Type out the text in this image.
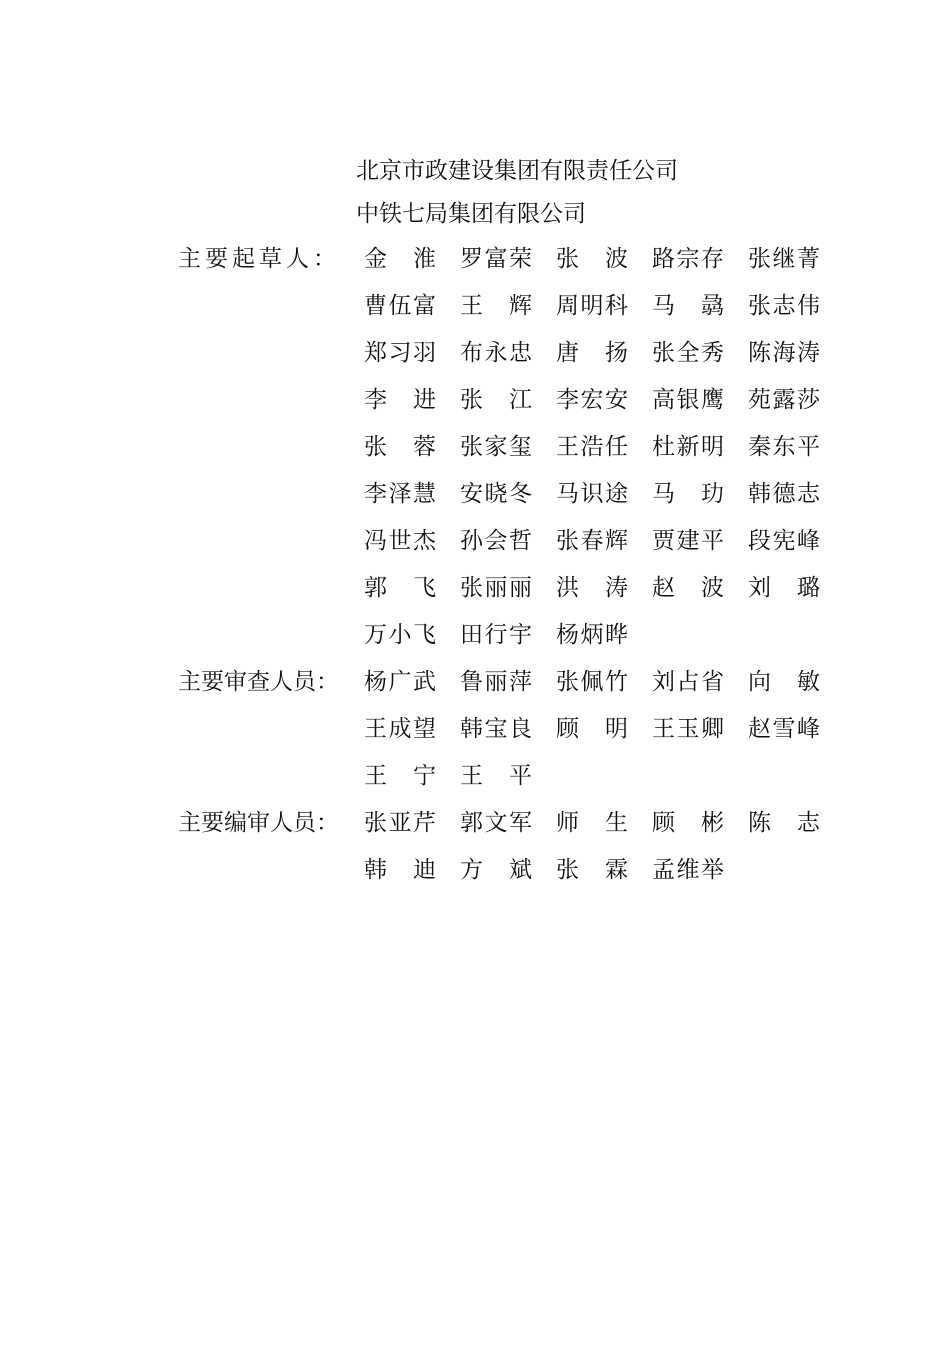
北京市政建设集团有限责任公司
中铁七局集团有限公司
主要起草人： 金 淮 罗 富 荣 张 波 路 宗 存 张 继 菁
曹 伍 富 王 辉 周 明 科 马 骉 张 志 伟
郑 习 羽 布 永 忠 唐 扬 张 全 秀 陈 海 涛
李 进 张 江 李 宏 安 高 银 鹰 苑 露 莎
张 蓉 张 家 玺 王 浩 任 杜 新 明 秦 东 平
李 泽 慧 安 晓 冬 马 识 途 马 玏 韩 德 志
冯 世 杰 孙 会 哲 张 春 辉 贾 建 平 段 宪 峰
郭 飞 张 丽 丽 洪 涛 赵 波 刘 璐
万 小 飞 田 行 宇 杨 炳 晔
主要审查人员： 杨 广 武 鲁 丽 萍 张 佩 竹 刘 占 省 向 敏
王 成 望 韩 宝 良 顾 明 王 玉 卿 赵 雪 峰
王 宁 王 平
主要编审人员： 张 亚 芹 郭 文 军 师 生 顾 彬 陈 志
韩 迪 方 斌 张 霖 孟 维 举
